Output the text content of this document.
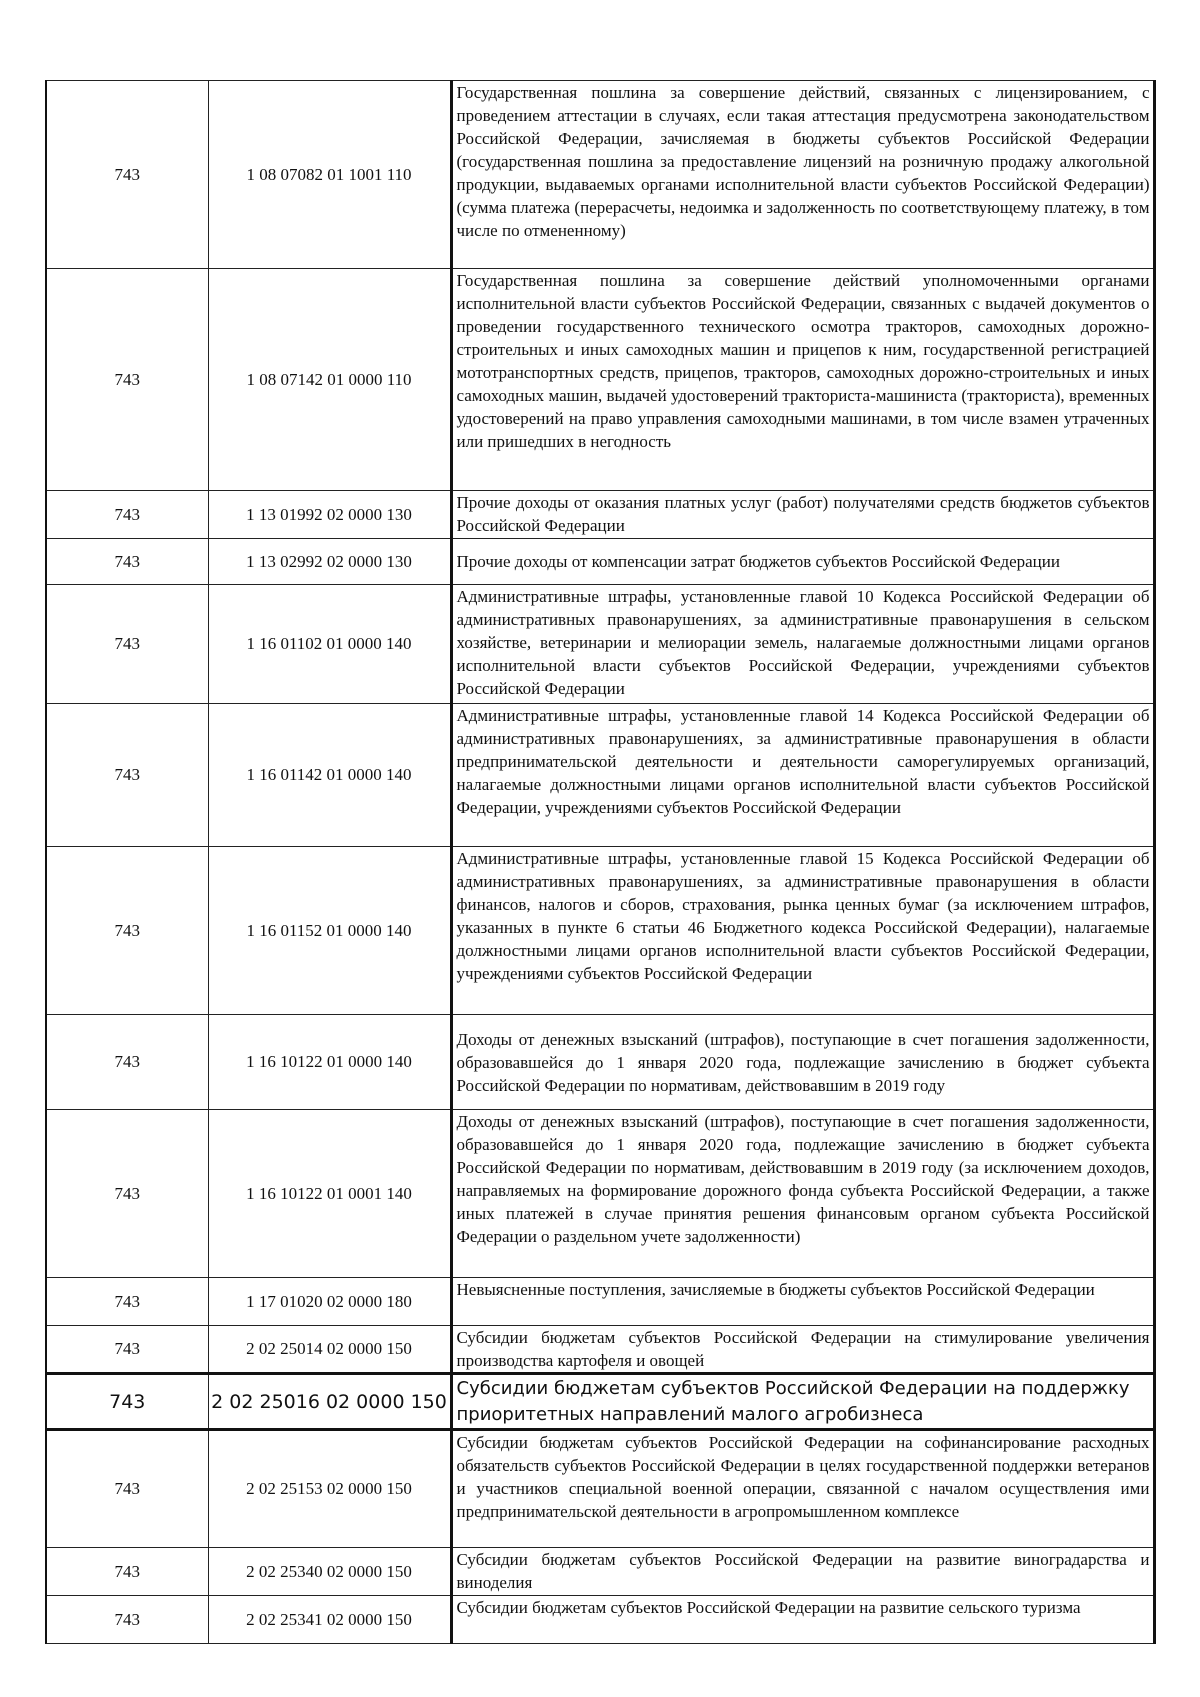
743	1 08 07082 01 1001 110	Государственная пошлина за совершение действий, связанных с лицензированием, с проведением аттестации в случаях, если такая аттестация предусмотрена законодательством Российской Федерации, зачисляемая в бюджеты субъектов Российской Федерации (государственная пошлина за предоставление лицензий на розничную продажу алкогольной продукции, выдаваемых органами исполнительной власти субъектов Российской Федерации) (сумма платежа (перерасчеты, недоимка и задолженность по соответствующему платежу, в том числе по отмененному)
743	1 08 07142 01 0000 110	Государственная пошлина за совершение действий уполномоченными органами исполнительной власти субъектов Российской Федерации, связанных с выдачей документов о проведении государственного технического осмотра тракторов, самоходных дорожно-строительных и иных самоходных машин и прицепов к ним, государственной регистрацией мототранспортных средств, прицепов, тракторов, самоходных дорожно-строительных и иных самоходных машин, выдачей удостоверений тракториста-машиниста (тракториста), временных удостоверений на право управления самоходными машинами, в том числе взамен утраченных или пришедших в негодность
743	1 13 01992 02 0000 130	Прочие доходы от оказания платных услуг (работ) получателями средств бюджетов субъектов Российской Федерации
743	1 13 02992 02 0000 130	Прочие доходы от компенсации затрат бюджетов субъектов Российской Федерации
743	1 16 01102 01 0000 140	Административные штрафы, установленные главой 10 Кодекса Российской Федерации об административных правонарушениях, за административные правонарушения в сельском хозяйстве, ветеринарии и мелиорации земель, налагаемые должностными лицами органов исполнительной власти субъектов Российской Федерации, учреждениями субъектов Российской Федерации
743	1 16 01142 01 0000 140	Административные штрафы, установленные главой 14 Кодекса Российской Федерации об административных правонарушениях, за административные правонарушения в области предпринимательской деятельности и деятельности саморегулируемых организаций, налагаемые должностными лицами органов исполнительной власти субъектов Российской Федерации, учреждениями субъектов Российской Федерации
743	1 16 01152 01 0000 140	Административные штрафы, установленные главой 15 Кодекса Российской Федерации об административных правонарушениях, за административные правонарушения в области финансов, налогов и сборов, страхования, рынка ценных бумаг (за исключением штрафов, указанных в пункте 6 статьи 46 Бюджетного кодекса Российской Федерации), налагаемые должностными лицами органов исполнительной власти субъектов Российской Федерации, учреждениями субъектов Российской Федерации
743	1 16 10122 01 0000 140	Доходы от денежных взысканий (штрафов), поступающие в счет погашения задолженности, образовавшейся до 1 января 2020 года, подлежащие зачислению в бюджет субъекта Российской Федерации по нормативам, действовавшим в 2019 году
743	1 16 10122 01 0001 140	Доходы от денежных взысканий (штрафов), поступающие в счет погашения задолженности, образовавшейся до 1 января 2020 года, подлежащие зачислению в бюджет субъекта Российской Федерации по нормативам, действовавшим в 2019 году (за исключением доходов, направляемых на формирование дорожного фонда субъекта Российской Федерации, а также иных платежей в случае принятия решения финансовым органом субъекта Российской Федерации о раздельном учете задолженности)
743	1 17 01020 02 0000 180	Невыясненные поступления, зачисляемые в бюджеты субъектов Российской Федерации
743	2 02 25014 02 0000 150	Субсидии бюджетам субъектов Российской Федерации на стимулирование увеличения производства картофеля и овощей
743	2 02 25016 02 0000 150	Субсидии бюджетам субъектов Российской Федерации на поддержку приоритетных направлений малого агробизнеса
743	2 02 25153 02 0000 150	Субсидии бюджетам субъектов Российской Федерации на софинансирование расходных обязательств субъектов Российской Федерации в целях государственной поддержки ветеранов и участников специальной военной операции, связанной с началом осуществления ими предпринимательской деятельности в агропромышленном комплексе
743	2 02 25340 02 0000 150	Субсидии бюджетам субъектов Российской Федерации на развитие виноградарства и виноделия
743	2 02 25341 02 0000 150	Субсидии бюджетам субъектов Российской Федерации на развитие сельского туризма
